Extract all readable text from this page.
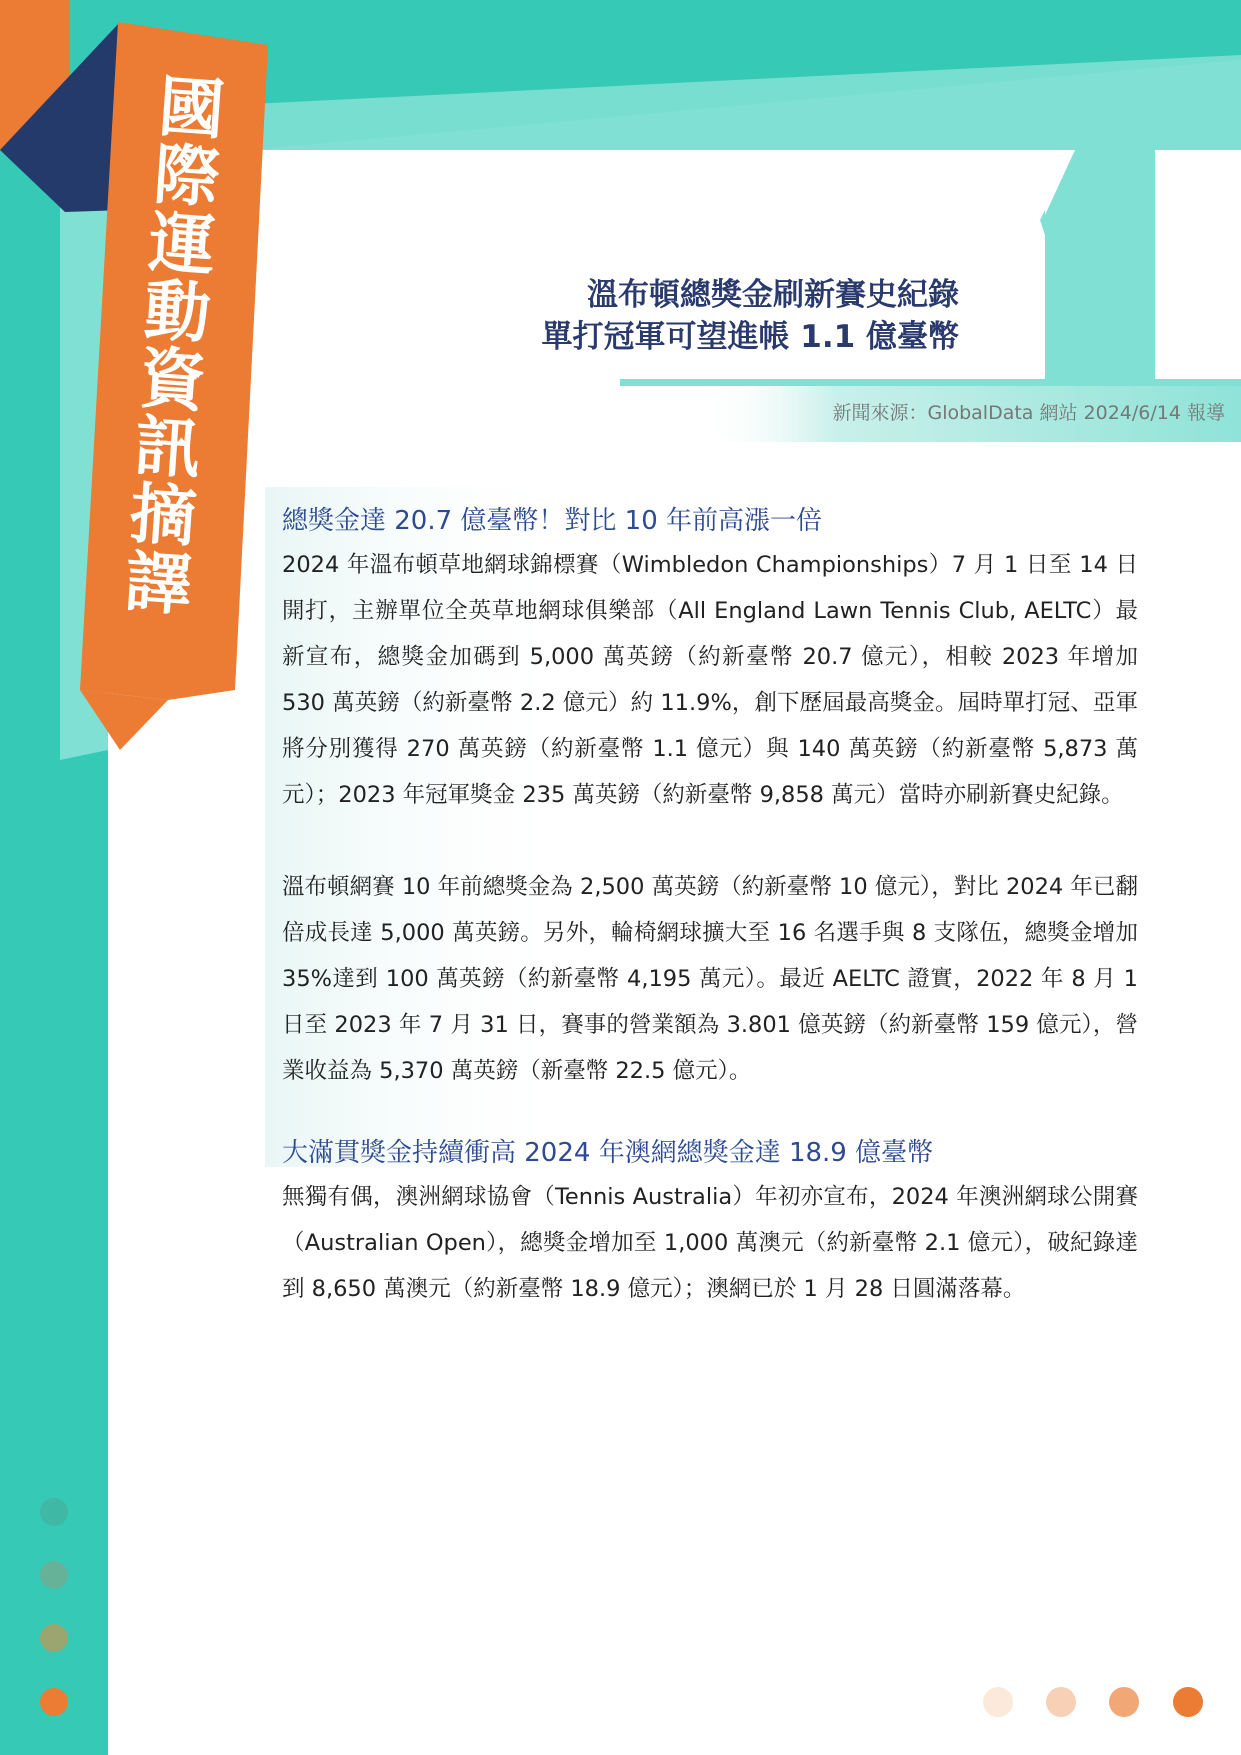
國際運動資訊摘譯	溫布頓總獎金刷新賽史紀錄
單打冠軍可望進帳 1.1 億臺幣
新聞來源：GlobalData 網站 2024/6/14 報導
總獎金達 20.7 億臺幣！對比 10 年前高漲一倍

2024 年溫布頓草地網球錦標賽（Wimbledon Championships）7 月 1 日至 14 日開打，主辦單位全英草地網球俱樂部（All England Lawn Tennis Club, AELTC）最新宣布，總獎金加碼到 5,000 萬英鎊（約新臺幣 20.7 億元），相較 2023 年增加 530 萬英鎊（約新臺幣 2.2 億元）約 11.9%，創下歷屆最高獎金。屆時單打冠、亞軍將分別獲得 270 萬英鎊（約新臺幣 1.1 億元）與 140 萬英鎊（約新臺幣 5,873 萬元）；2023 年冠軍獎金 235 萬英鎊（約新臺幣 9,858 萬元）當時亦刷新賽史紀錄。

溫布頓網賽 10 年前總獎金為 2,500 萬英鎊（約新臺幣 10 億元），對比 2024 年已翻倍成長達 5,000 萬英鎊。另外，輪椅網球擴大至 16 名選手與 8 支隊伍，總獎金增加 35%達到 100 萬英鎊（約新臺幣 4,195 萬元）。最近 AELTC 證實，2022 年 8 月 1 日至 2023 年 7 月 31 日，賽事的營業額為 3.801 億英鎊（約新臺幣 159 億元），營業收益為 5,370 萬英鎊（新臺幣 22.5 億元）。

大滿貫獎金持續衝高 2024 年澳網總獎金達 18.9 億臺幣

無獨有偶，澳洲網球協會（Tennis Australia）年初亦宣布，2024 年澳洲網球公開賽（Australian Open），總獎金增加至 1,000 萬澳元（約新臺幣 2.1 億元），破紀錄達到 8,650 萬澳元（約新臺幣 18.9 億元）；澳網已於 1 月 28 日圓滿落幕。
